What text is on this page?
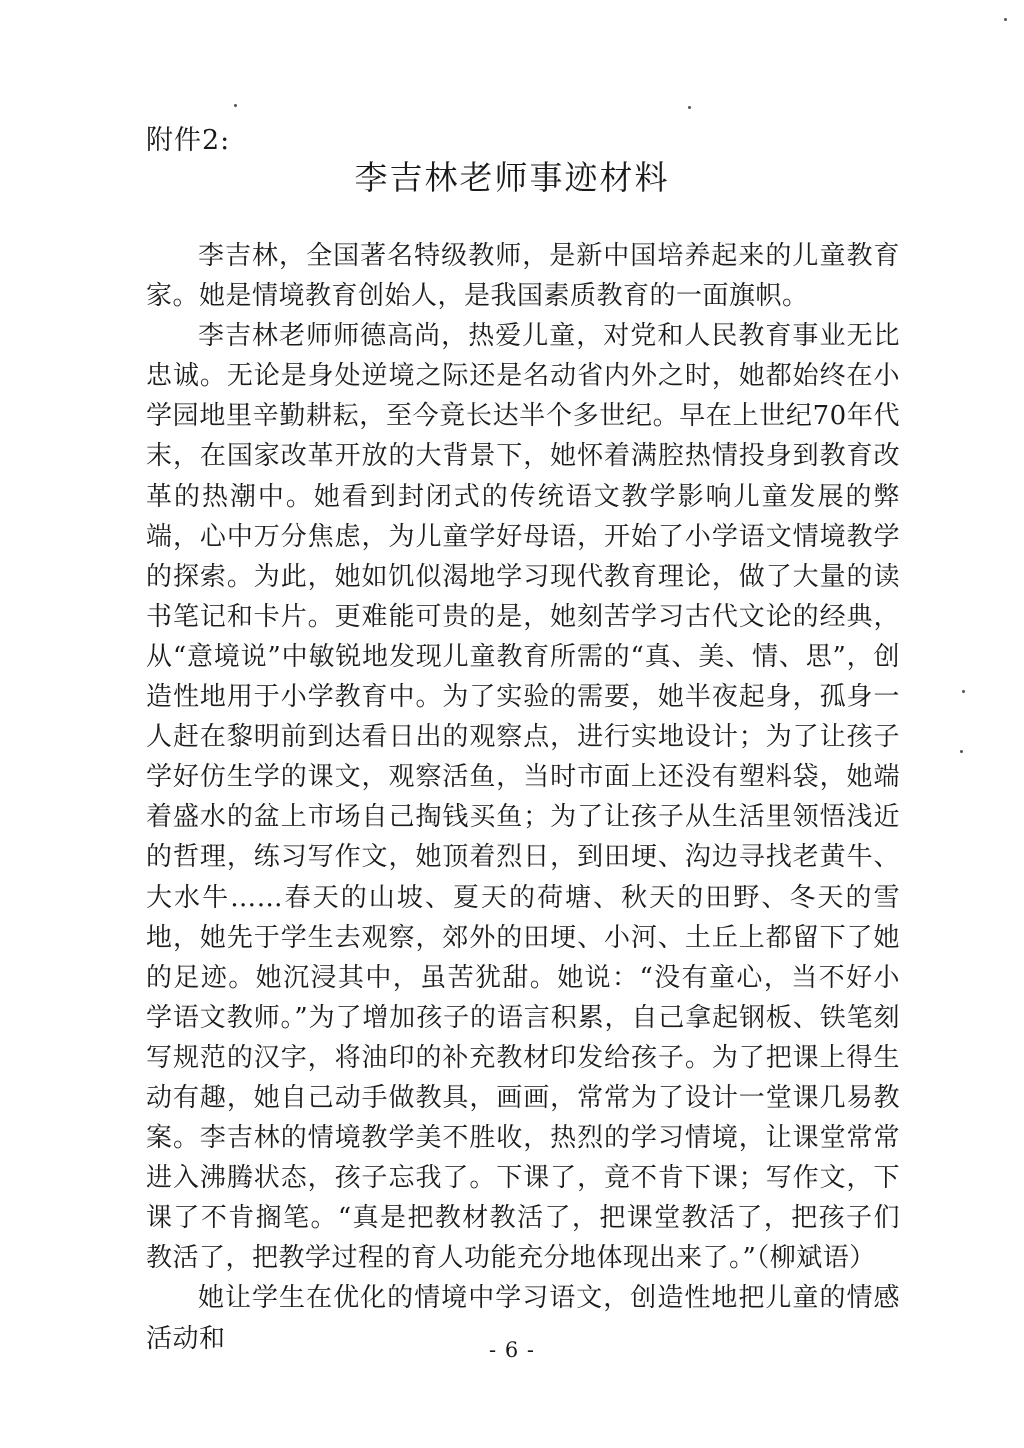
附件2:
李吉林老师事迹材料

李吉林，全国著名特级教师，是新中国培养起来的儿童教育家。她是情境教育创始人，是我国素质教育的一面旗帜。

李吉林老师师德高尚，热爱儿童，对党和人民教育事业无比忠诚。无论是身处逆境之际还是名动省内外之时，她都始终在小学园地里辛勤耕耘，至今竟长达半个多世纪。早在上世纪70年代末，在国家改革开放的大背景下，她怀着满腔热情投身到教育改革的热潮中。她看到封闭式的传统语文教学影响儿童发展的弊端，心中万分焦虑，为儿童学好母语，开始了小学语文情境教学的探索。为此，她如饥似渴地学习现代教育理论，做了大量的读书笔记和卡片。更难能可贵的是，她刻苦学习古代文论的经典，从“意境说”中敏锐地发现儿童教育所需的“真、美、情、思”，创造性地用于小学教育中。为了实验的需要，她半夜起身，孤身一人赶在黎明前到达看日出的观察点，进行实地设计；为了让孩子学好仿生学的课文，观察活鱼，当时市面上还没有塑料袋，她端着盛水的盆上市场自己掏钱买鱼；为了让孩子从生活里领悟浅近的哲理，练习写作文，她顶着烈日，到田埂、沟边寻找老黄牛、大水牛……春天的山坡、夏天的荷塘、秋天的田野、冬天的雪地，她先于学生去观察，郊外的田埂、小河、土丘上都留下了她的足迹。她沉浸其中，虽苦犹甜。她说：“没有童心，当不好小学语文教师。”为了增加孩子的语言积累，自己拿起钢板、铁笔刻写规范的汉字，将油印的补充教材印发给孩子。为了把课上得生动有趣，她自己动手做教具，画画，常常为了设计一堂课几易教案。李吉林的情境教学美不胜收，热烈的学习情境，让课堂常常进入沸腾状态，孩子忘我了。下课了，竟不肯下课；写作文，下课了不肯搁笔。“真是把教材教活了，把课堂教活了，把孩子们教活了，把教学过程的育人功能充分地体现出来了。”（柳斌语）

她让学生在优化的情境中学习语文，创造性地把儿童的情感活动和	- 6 -
